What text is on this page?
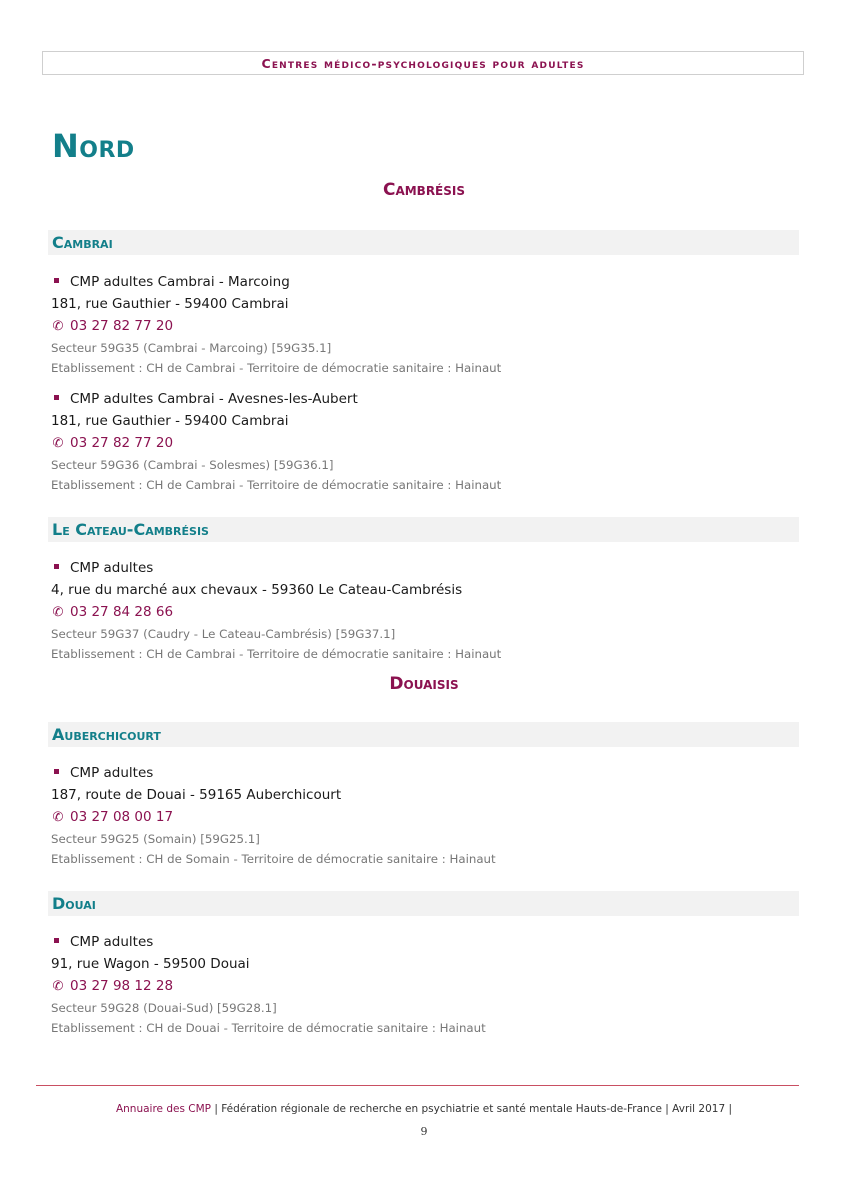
Centres médico-psychologiques pour adultes
Nord
Cambrésis
Cambrai
CMP adultes Cambrai - Marcoing
181, rue Gauthier - 59400 Cambrai
✆ 03 27 82 77 20
Secteur 59G35 (Cambrai - Marcoing) [59G35.1]
Etablissement : CH de Cambrai - Territoire de démocratie sanitaire : Hainaut
CMP adultes Cambrai - Avesnes-les-Aubert
181, rue Gauthier - 59400 Cambrai
✆ 03 27 82 77 20
Secteur 59G36 (Cambrai - Solesmes) [59G36.1]
Etablissement : CH de Cambrai - Territoire de démocratie sanitaire : Hainaut
Le Cateau-Cambrésis
CMP adultes
4, rue du marché aux chevaux - 59360 Le Cateau-Cambrésis
✆ 03 27 84 28 66
Secteur 59G37 (Caudry - Le Cateau-Cambrésis) [59G37.1]
Etablissement : CH de Cambrai - Territoire de démocratie sanitaire : Hainaut
Douaisis
Auberchicourt
CMP adultes
187, route de Douai - 59165 Auberchicourt
✆ 03 27 08 00 17
Secteur 59G25 (Somain) [59G25.1]
Etablissement : CH de Somain - Territoire de démocratie sanitaire : Hainaut
Douai
CMP adultes
91, rue Wagon - 59500 Douai
✆ 03 27 98 12 28
Secteur 59G28 (Douai-Sud) [59G28.1]
Etablissement : CH de Douai - Territoire de démocratie sanitaire : Hainaut
Annuaire des CMP | Fédération régionale de recherche en psychiatrie et santé mentale Hauts-de-France | Avril 2017 |
9
